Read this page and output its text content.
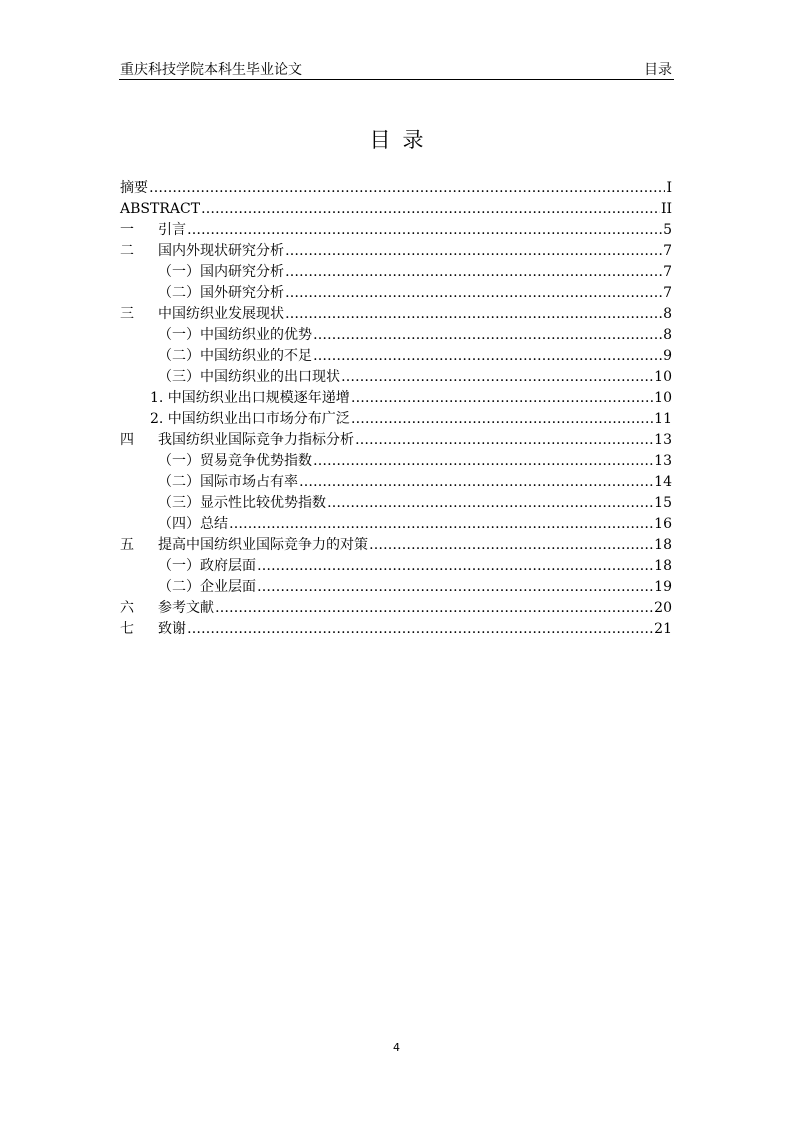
重庆科技学院本科生毕业论文	目录
目录
摘要 ………………………………………………………………………………………………………………………………………………………………………………………………	I
ABSTRACT ………………………………………………………………………………………………………………………………………………………………………………………………	II
一	引言 ………………………………………………………………………………………………………………………………………………………………………………………………	5
二	国内外现状研究分析 ………………………………………………………………………………………………………………………………………………………………………………………………	7
（一）国内研究分析 ………………………………………………………………………………………………………………………………………………………………………………………………	7
（二）国外研究分析 ………………………………………………………………………………………………………………………………………………………………………………………………	7
三	中国纺织业发展现状 ………………………………………………………………………………………………………………………………………………………………………………………………	8
（一）中国纺织业的优势 ………………………………………………………………………………………………………………………………………………………………………………………………	8
（二）中国纺织业的不足 ………………………………………………………………………………………………………………………………………………………………………………………………	9
（三）中国纺织业的出口现状 ………………………………………………………………………………………………………………………………………………………………………………………………	10
1. 中国纺织业出口规模逐年递增 ………………………………………………………………………………………………………………………………………………………………………………………………	10
2. 中国纺织业出口市场分布广泛 ………………………………………………………………………………………………………………………………………………………………………………………………	11
四	我国纺织业国际竞争力指标分析 ………………………………………………………………………………………………………………………………………………………………………………………………	13
（一）贸易竞争优势指数 ………………………………………………………………………………………………………………………………………………………………………………………………	13
（二）国际市场占有率 ………………………………………………………………………………………………………………………………………………………………………………………………	14
（三）显示性比较优势指数 ………………………………………………………………………………………………………………………………………………………………………………………………	15
（四）总结 ………………………………………………………………………………………………………………………………………………………………………………………………	16
五	提高中国纺织业国际竞争力的对策 ………………………………………………………………………………………………………………………………………………………………………………………………	18
（一）政府层面 ………………………………………………………………………………………………………………………………………………………………………………………………	18
（二）企业层面 ………………………………………………………………………………………………………………………………………………………………………………………………	19
六	参考文献 ………………………………………………………………………………………………………………………………………………………………………………………………	20
七	致谢 ………………………………………………………………………………………………………………………………………………………………………………………………	21
4
